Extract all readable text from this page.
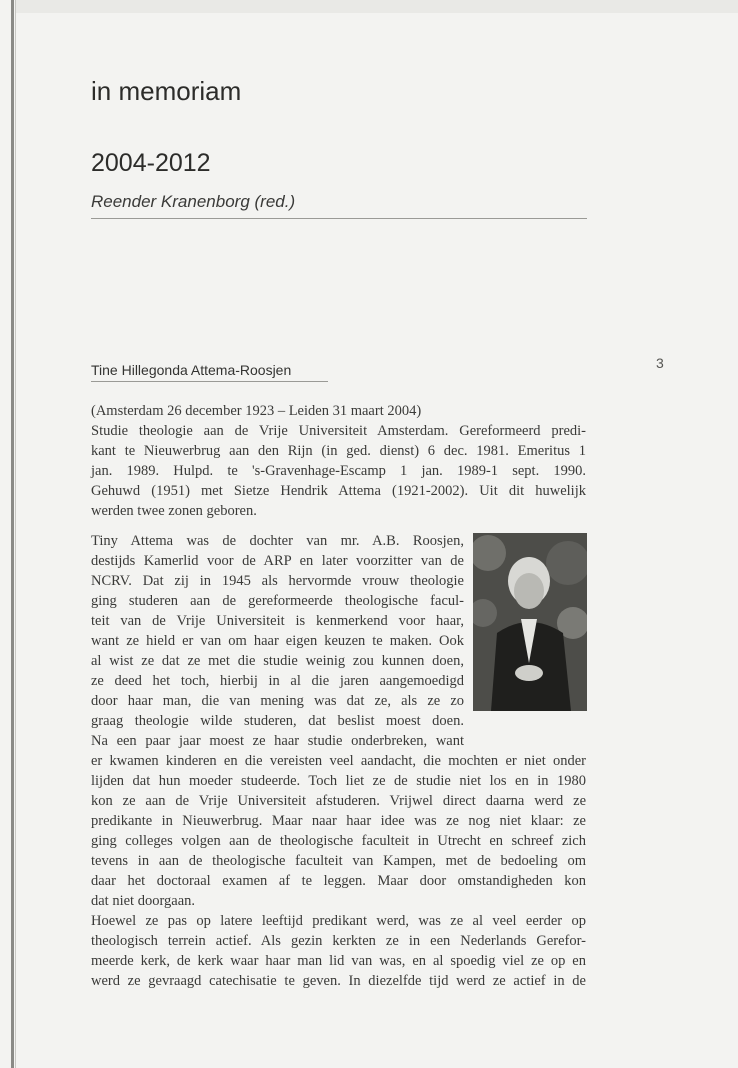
in memoriam
2004-2012
Reender Kranenborg (red.)
3
Tine Hillegonda Attema-Roosjen
(Amsterdam 26 december 1923 – Leiden 31 maart 2004)
Studie theologie aan de Vrije Universiteit Amsterdam. Gereformeerd predi-
kant te Nieuwerbrug aan den Rijn (in ged. dienst) 6 dec. 1981. Emeritus 1
jan. 1989. Hulpd. te 's-Gravenhage-Escamp 1 jan. 1989-1 sept. 1990.
Gehuwd (1951) met Sietze Hendrik Attema (1921-2002). Uit dit huwelijk
werden twee zonen geboren.
Tiny Attema was de dochter van mr. A.B. Roosjen,
destijds Kamerlid voor de ARP en later voorzitter van de
NCRV. Dat zij in 1945 als hervormde vrouw theologie
ging studeren aan de gereformeerde theologische facul-
teit van de Vrije Universiteit is kenmerkend voor haar,
want ze hield er van om haar eigen keuzen te maken. Ook
al wist ze dat ze met die studie weinig zou kunnen doen,
ze deed het toch, hierbij in al die jaren aangemoedigd
door haar man, die van mening was dat ze, als ze zo
graag theologie wilde studeren, dat beslist moest doen.
Na een paar jaar moest ze haar studie onderbreken, want
er kwamen kinderen en die vereisten veel aandacht, die mochten er niet onder
lijden dat hun moeder studeerde. Toch liet ze de studie niet los en in 1980
kon ze aan de Vrije Universiteit afstuderen. Vrijwel direct daarna werd ze
predikante in Nieuwerbrug. Maar naar haar idee was ze nog niet klaar: ze
ging colleges volgen aan de theologische faculteit in Utrecht en schreef zich
tevens in aan de theologische faculteit van Kampen, met de bedoeling om
daar het doctoraal examen af te leggen. Maar door omstandigheden kon
dat niet doorgaan.
Hoewel ze pas op latere leeftijd predikant werd, was ze al veel eerder op
theologisch terrein actief. Als gezin kerkten ze in een Nederlands Gerefor-
meerde kerk, de kerk waar haar man lid van was, en al spoedig viel ze op en
werd ze gevraagd catechisatie te geven. In diezelfde tijd werd ze actief in de
